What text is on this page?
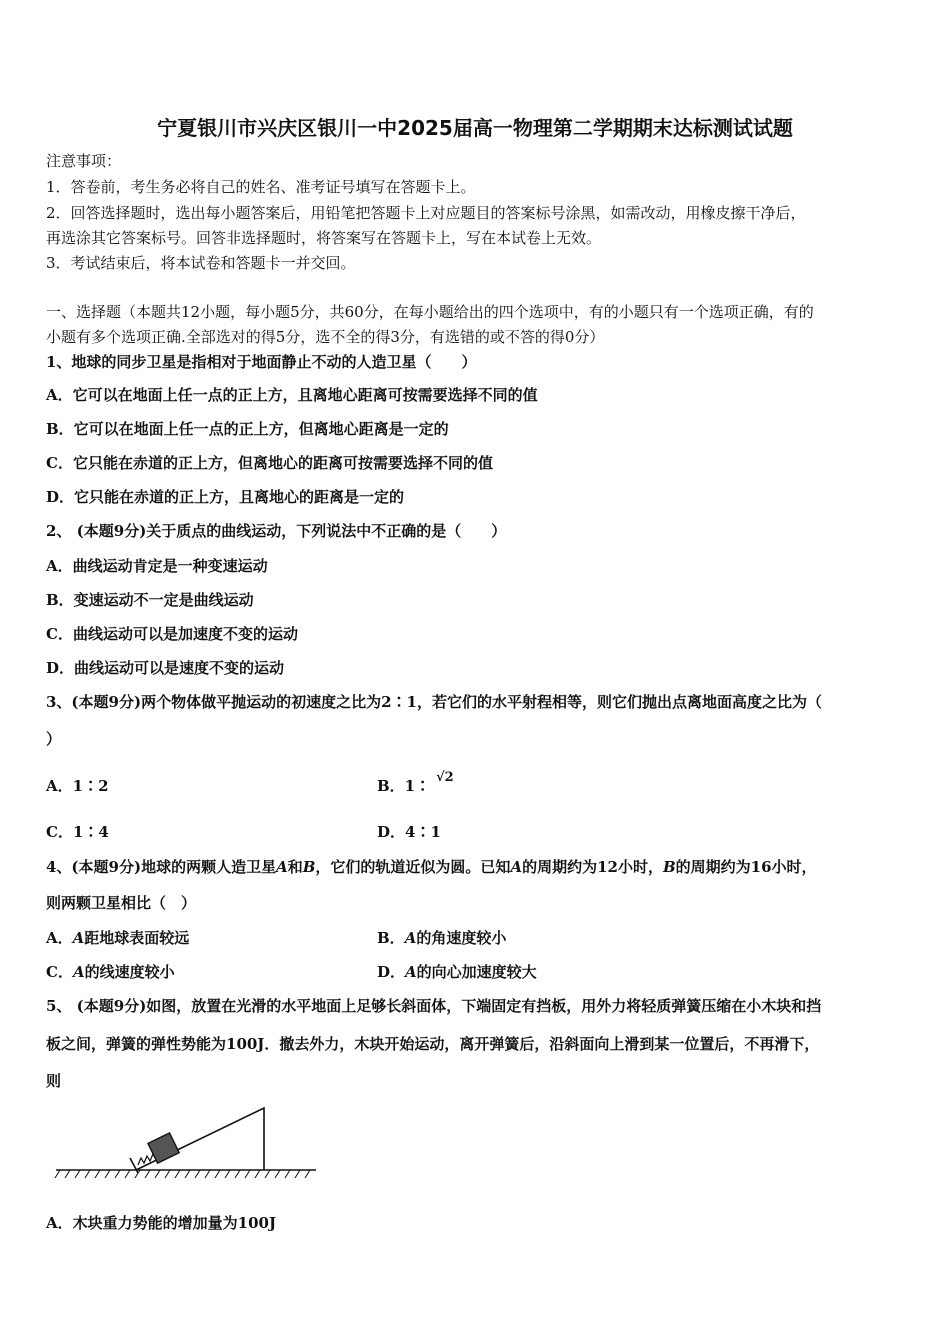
宁夏银川市兴庆区银川一中2025届高一物理第二学期期末达标测试试题
注意事项：
1．答卷前，考生务必将自己的姓名、准考证号填写在答题卡上。
2．回答选择题时，选出每小题答案后，用铅笔把答题卡上对应题目的答案标号涂黑，如需改动，用橡皮擦干净后，
再选涂其它答案标号。回答非选择题时，将答案写在答题卡上，写在本试卷上无效。
3．考试结束后，将本试卷和答题卡一并交回。
一、选择题（本题共12小题，每小题5分，共60分，在每小题给出的四个选项中，有的小题只有一个选项正确，有的
小题有多个选项正确.全部选对的得5分，选不全的得3分，有选错的或不答的得0分）
1、地球的同步卫星是指相对于地面静止不动的人造卫星（　　）
A．它可以在地面上任一点的正上方，且离地心距离可按需要选择不同的值
B．它可以在地面上任一点的正上方，但离地心距离是一定的
C．它只能在赤道的正上方，但离地心的距离可按需要选择不同的值
D．它只能在赤道的正上方，且离地心的距离是一定的
2、 (本题9分)关于质点的曲线运动，下列说法中不正确的是（　　）
A．曲线运动肯定是一种变速运动
B．变速运动不一定是曲线运动
C．曲线运动可以是加速度不变的运动
D．曲线运动可以是速度不变的运动
3、(本题9分)两个物体做平抛运动的初速度之比为2∶1，若它们的水平射程相等，则它们抛出点离地面高度之比为（
）
A．1∶2	B．1∶ √2
C．1∶4	D．4∶1
4、(本题9分)地球的两颗人造卫星A和B，它们的轨道近似为圆。已知A的周期约为12小时，B的周期约为16小时，
则两颗卫星相比（　）
A．A距地球表面较远	B．A的角速度较小
C．A的线速度较小	D．A的向心加速度较大
5、 (本题9分)如图，放置在光滑的水平地面上足够长斜面体，下端固定有挡板，用外力将轻质弹簧压缩在小木块和挡
板之间，弹簧的弹性势能为100J．撤去外力，木块开始运动，离开弹簧后，沿斜面向上滑到某一位置后，不再滑下，
则
A．木块重力势能的增加量为100J
